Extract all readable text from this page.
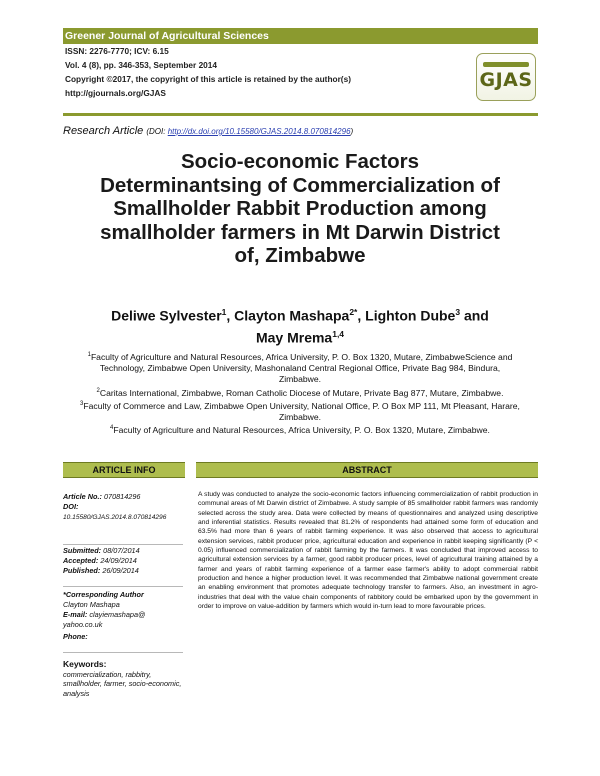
Greener Journal of Agricultural Sciences
ISSN: 2276-7770; ICV: 6.15
Vol. 4 (8), pp. 346-353, September 2014
Copyright ©2017, the copyright of this article is retained by the author(s)
http://gjournals.org/GJAS
GJAS
Research Article (DOI: http://dx.doi.org/10.15580/GJAS.2014.8.070814296)
Socio-economic Factors Determinantsing of Commercialization of Smallholder Rabbit Production among smallholder farmers in Mt Darwin District of, Zimbabwe
Deliwe Sylvester$^1$, Clayton Mashapa$^{2*}$, Lighton Dube$^3$ and
May Mrema$^{1,4}$

$^1$Faculty of Agriculture and Natural Resources, Africa University, P. O. Box 1320, Mutare, ZimbabweScience and Technology, Zimbabwe Open University, Mashonaland Central Regional Office, Private Bag 984, Bindura, Zimbabwe.

$^2$Caritas International, Zimbabwe, Roman Catholic Diocese of Mutare, Private Bag 877, Mutare, Zimbabwe.

$^3$Faculty of Commerce and Law, Zimbabwe Open University, National Office, P. O Box MP 111, Mt Pleasant, Harare, Zimbabwe.

$^4$Faculty of Agriculture and Natural Resources, Africa University, P. O. Box 1320, Mutare, Zimbabwe.

ARTICLE INFO	ABSTRACT
Article No.: 070814296
DOI: 10.15580/GJAS.2014.8.070814296
Submitted: 08/07/2014
Accepted: 24/09/2014
Published: 26/09/2014
*Corresponding Author
Clayton Mashapa
E-mail: clayiemashapa@ yahoo.co.uk
Phone:
Keywords:
commercialization, rabbitry, smallholder, farmer, socio-economic, analysis
A study was conducted to analyze the socio-economic factors influencing commercialization of rabbit production in communal areas of Mt Darwin district of Zimbabwe. A study sample of 85 smallholder rabbit farmers was randomly selected across the study area. Data were collected by means of questionnaires and analyzed using descriptive and inferential statistics. Results revealed that 81.2% of respondents had attained some form of education and 63.5% had more than 6 years of rabbit farming experience. It was also observed that access to agricultural extension services, rabbit producer price, agricultural education and experience in rabbit keeping significantly (P < 0.05) influenced commercialization of rabbit farming by the farmers. It was concluded that improved access to agricultural extension services by a farmer, good rabbit producer prices, level of agricultural training attained by a farmer and years of rabbit farming experience of a farmer ease farmer's ability to adopt commercial rabbit production and hence a higher production level. It was recommended that Zimbabwe national government create an enabling environment that promotes adequate technology transfer to farmers. Also, an investment in agro-industries that deal with the value chain components of rabbitory could be embarked upon by the government in order to improve on value-addition by farmers which would in-turn lead to more favourable prices.
